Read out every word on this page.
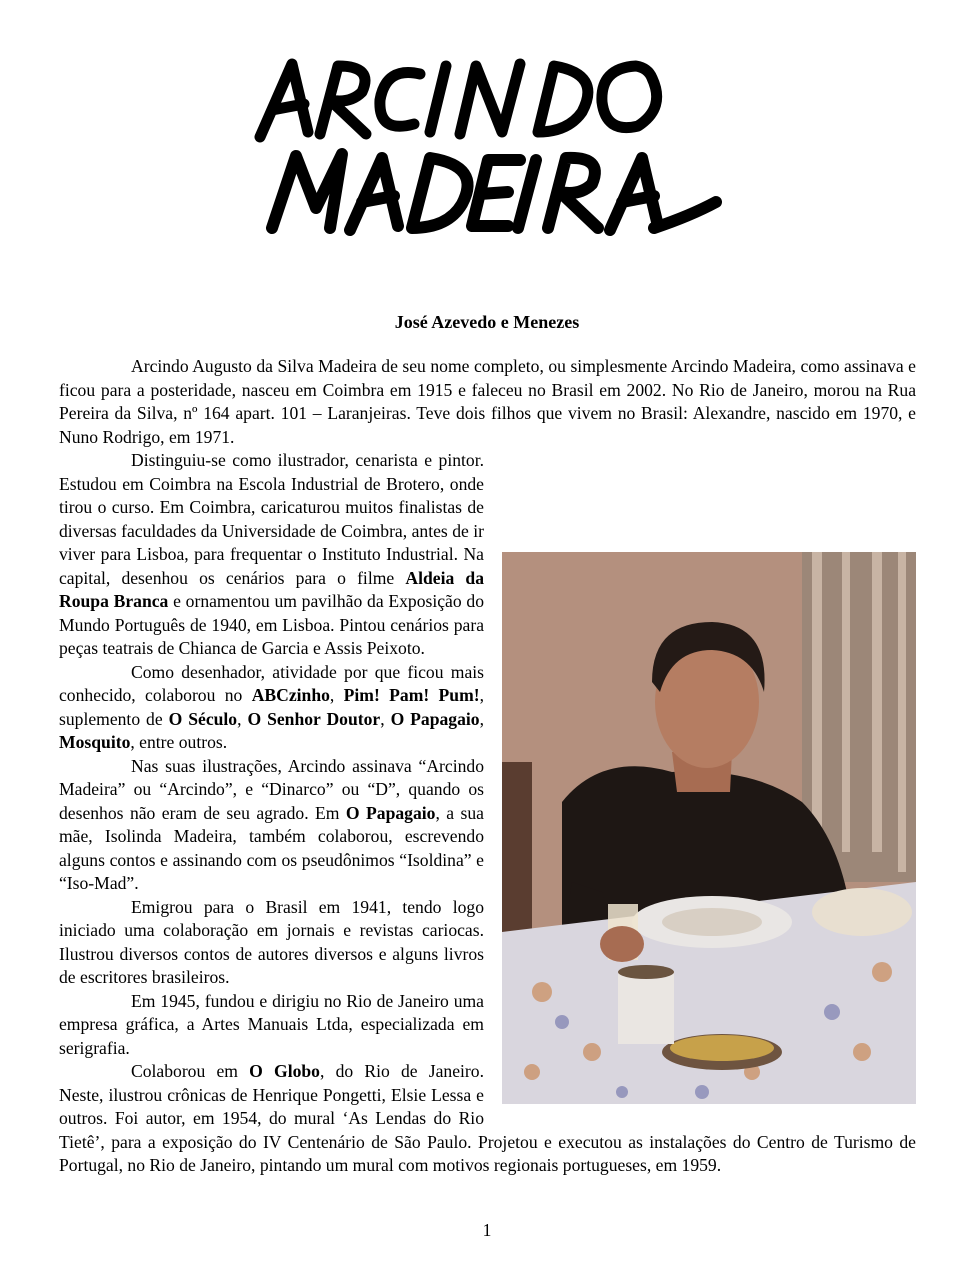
José Azevedo e Menezes

Arcindo Augusto da Silva Madeira de seu nome completo, ou simplesmente Arcindo Madeira, como assinava e ficou para a posteridade, nasceu em Coimbra em 1915 e faleceu no Brasil em 2002. No Rio de Janeiro, morou na Rua Pereira da Silva, nº 164 apart. 101 – Laranjeiras. Teve dois filhos que vivem no Brasil: Alexandre, nascido em 1970, e Nuno Rodrigo, em 1971.

Distinguiu-se como ilustrador, cenarista e pintor. Estudou em Coimbra na Escola Industrial de Brotero, onde tirou o curso. Em Coimbra, caricaturou muitos finalistas de diversas faculdades da Universidade de Coimbra, antes de ir viver para Lisboa, para frequentar o Instituto Industrial. Na capital, desenhou os cenários para o filme Aldeia da Roupa Branca e ornamentou um pavilhão da Exposição do Mundo Português de 1940, em Lisboa. Pintou cenários para peças teatrais de Chianca de Garcia e Assis Peixoto.

Como desenhador, atividade por que ficou mais conhecido, colaborou no ABCzinho, Pim! Pam! Pum!, suplemento de O Século, O Senhor Doutor, O Papagaio, Mosquito, entre outros.

Nas suas ilustrações, Arcindo assinava “Arcindo Madeira” ou “Arcindo”, e “Dinarco” ou “D”, quando os desenhos não eram de seu agrado. Em O Papagaio, a sua mãe, Isolinda Madeira, também colaborou, escrevendo alguns contos e assinando com os pseudônimos “Isoldina” e “Iso-Mad”.

Emigrou para o Brasil em 1941, tendo logo iniciado uma colaboração em jornais e revistas cariocas. Ilustrou diversos contos de autores diversos e alguns livros de escritores brasileiros.

Em 1945, fundou e dirigiu no Rio de Janeiro uma empresa gráfica, a Artes Manuais Ltda, especializada em serigrafia.

Colaborou em O Globo, do Rio de Janeiro. Neste, ilustrou crônicas de Henrique Pongetti, Elsie Lessa e outros. Foi autor, em 1954, do mural ‘As Lendas do Rio Tietê’, para a exposição do IV Centenário de São Paulo. Projetou e executou as instalações do Centro de Turismo de Portugal, no Rio de Janeiro, pintando um mural com motivos regionais portugueses, em 1959.

1
